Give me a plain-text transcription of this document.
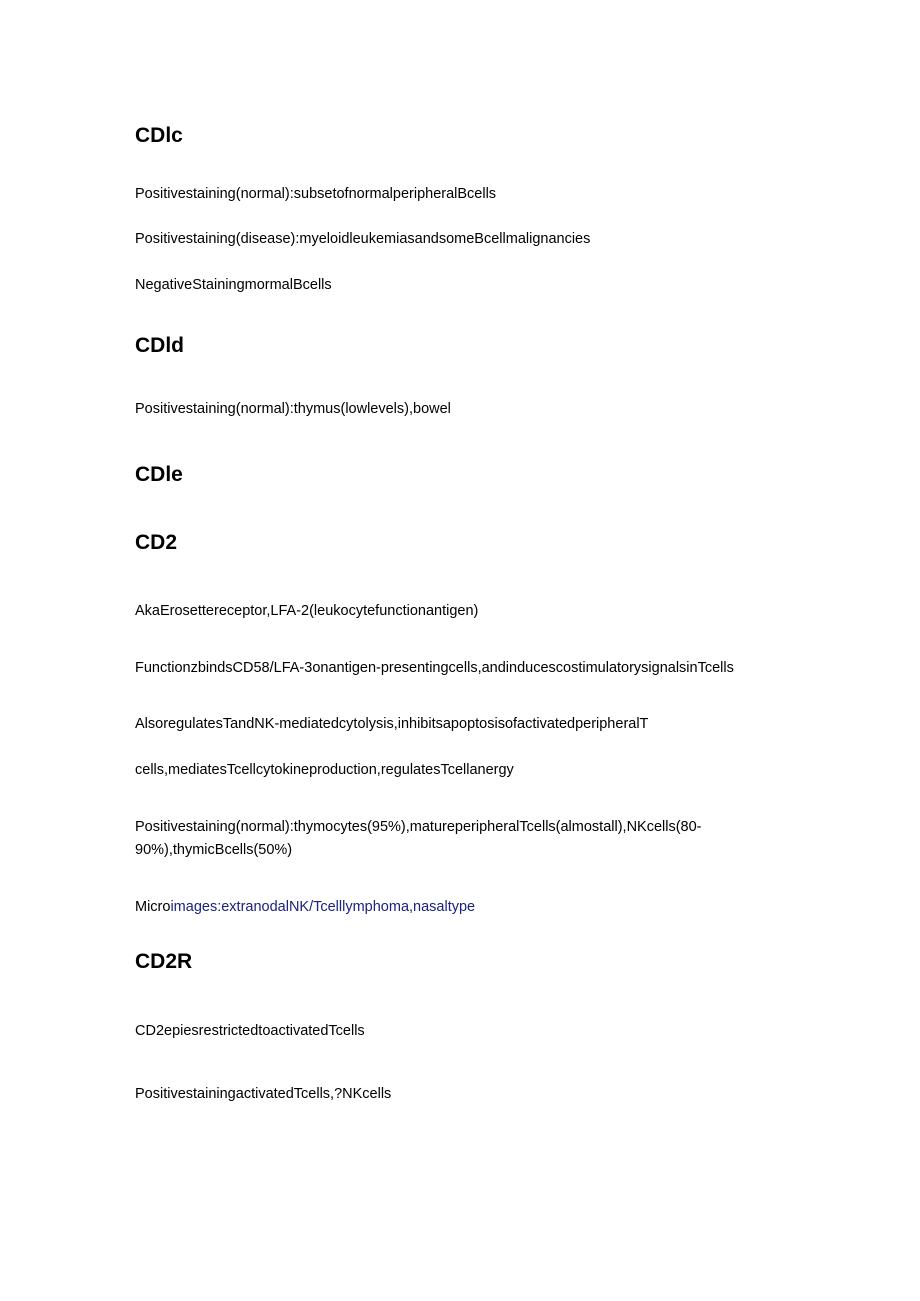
CDlc

Positivestaining(normal):subsetofnormalperipheralBcells

Positivestaining(disease):myeloidleukemiasandsomeBcellmalignancies

NegativeStainingmormalBcells

CDld

Positivestaining(normal):thymus(lowlevels),bowel

CDle
CD2

AkaErosettereceptor,LFA-2(leukocytefunctionantigen)

FunctionzbindsCD58/LFA-3onantigen-presentingcells,andinducescostimulatorysignalsinTcells

AlsoregulatesTandNK-mediatedcytolysis,inhibitsapoptosisofactivatedperipheralT

cells,mediatesTcellcytokineproduction,regulatesTcellanergy

Positivestaining(normal):thymocytes(95%),matureperipheralTcells(almostall),NKcells(80-90%),thymicBcells(50%)

Microimages:extranodalNK/Tcelllymphoma,nasaltype

CD2R

CD2epiesrestrictedtoactivatedTcells

PositivestainingactivatedTcells,?NKcells
